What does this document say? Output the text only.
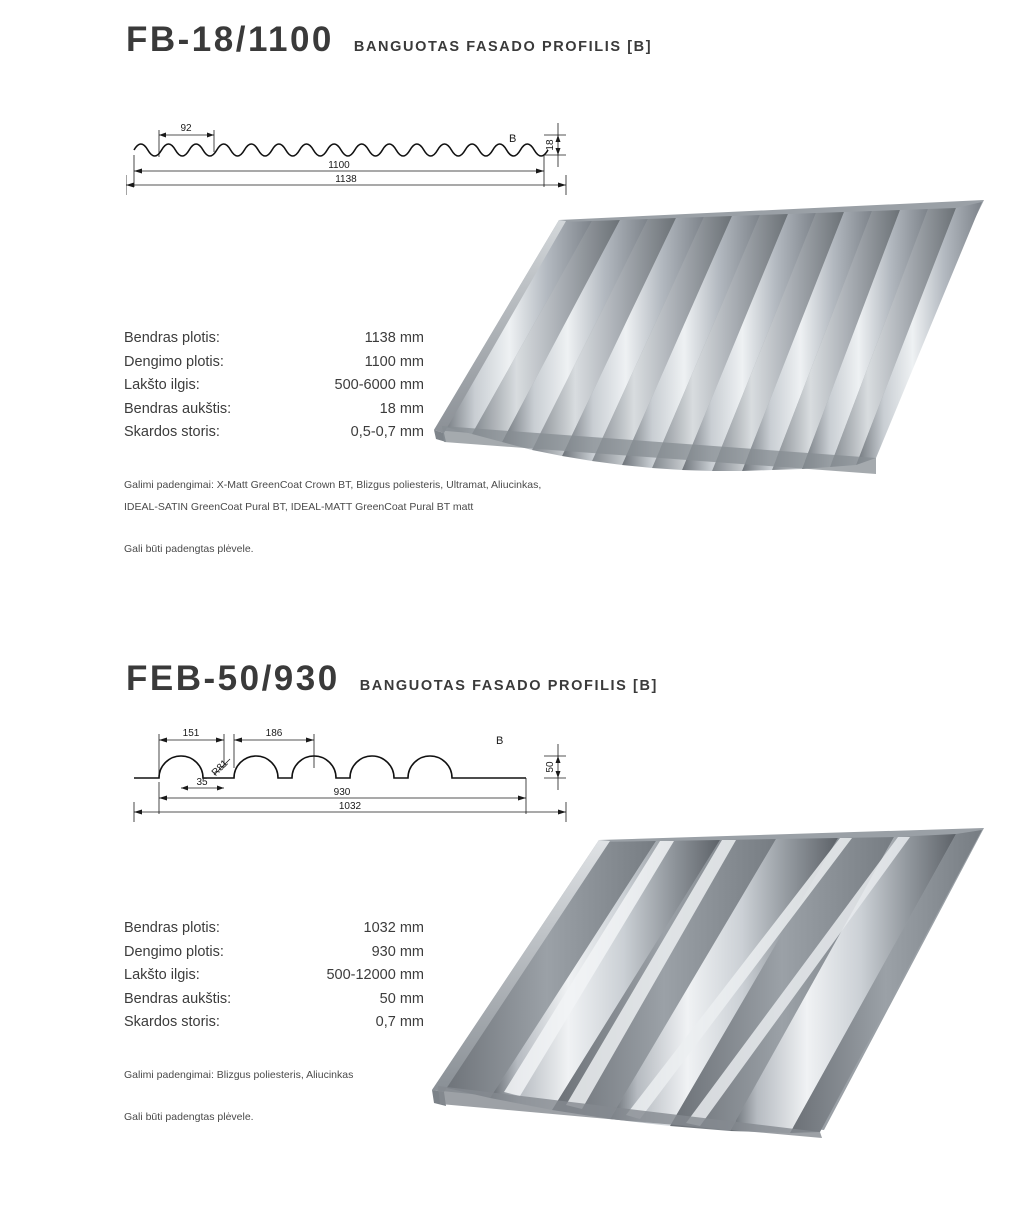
FB-18/1100 BANGUOTAS FASADO PROFILIS [B]
92
B	18
1100
1138
Bendras plotis:	1138 mm
Dengimo plotis:	1100 mm
Lakšto ilgis:	500-6000 mm
Bendras aukštis:	18 mm
Skardos storis:	0,5-0,7 mm

Galimi padengimai: X-Matt GreenCoat Crown BT, Blizgus poliesteris, Ultramat, Aliucinkas, IDEAL-SATIN GreenCoat Pural BT, IDEAL-MATT GreenCoat Pural BT matt

Gali būti padengtas plėvele.

FEB-50/930 BANGUOTAS FASADO PROFILIS [B]
151	186
R81
35
B
50
930
1032
Bendras plotis:	1032 mm
Dengimo plotis:	930 mm
Lakšto ilgis:	500-12000 mm
Bendras aukštis:	50 mm
Skardos storis:	0,7 mm

Galimi padengimai: Blizgus poliesteris, Aliucinkas

Gali būti padengtas plėvele.
